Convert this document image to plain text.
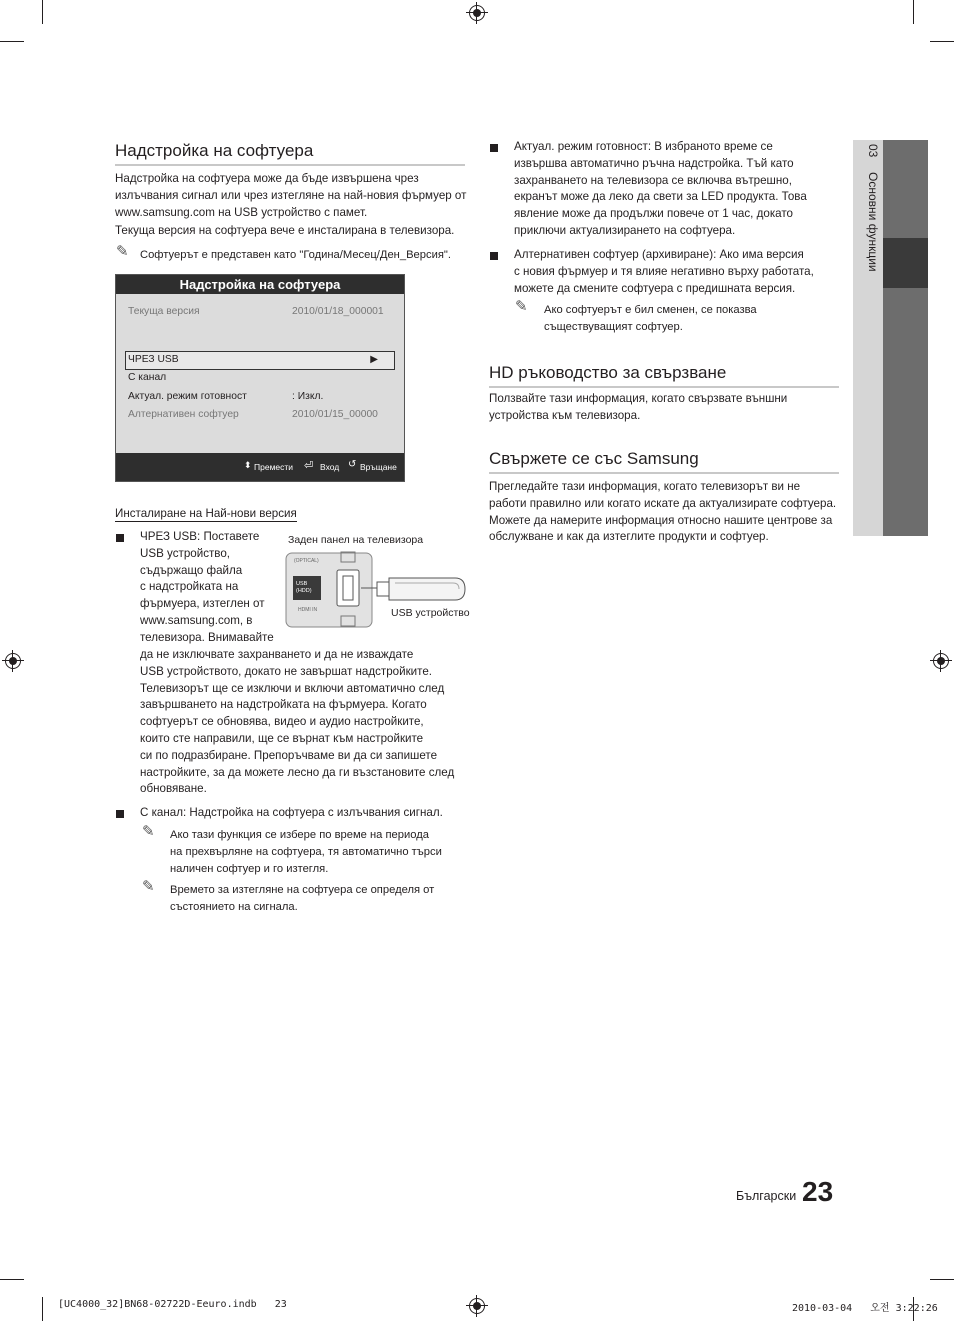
Надстройка на софтуера
Надстройка на софтуера може да бъде извършена чрез излъчвания сигнал или чрез изтегляне на най-новия фърмуер от www.samsung.com на USB устройство с памет.
Текуща версия на софтуера вече е инсталирана в телевизора.
✎ Софтуерът е представен като "Година/Месец/Ден_Версия".
Надстройка на софтуера
Текуща версия	2010/01/18_000001
ЧРЕЗ USB	▶
С канал
Актуал. режим готовност	: Изкл.
Алтернативен софтуер	2010/01/15_00000
⬍ Премести ⏎ Вход ↺ Връщане
Инсталиране на Най-нови версия
ЧРЕЗ USB: Поставете
USB устройство,
съдържащо файла
с надстройката на
фърмуера, изтеглен от
www.samsung.com, в
телевизора. Внимавайте
да не изключвате захранването и да не изваждате
USB устройството, докато не завършат надстройките.
Телевизорът ще се изключи и включи автоматично след
завършването на надстройката на фърмуера. Когато
софтуерът се обновява, видео и аудио настройките,
които сте направили, ще се върнат към настройките
си по подразбиране. Препоръчваме ви да си запишете
настройките, за да можете лесно да ги възстановите след
обновяване.
Заден панел на телевизора
(OPTICAL)
USB
(HDD)
HDMI IN	USB устройство
С канал: Надстройка на софтуера с излъчвания сигнал.
✎ Ако тази функция се избере по време на периода
на прехвърляне на софтуера, тя автоматично търси
наличен софтуер и го изтегля.
✎ Времето за изтегляне на софтуера се определя от
състоянието на сигнала.
Актуал. режим готовност: В избраното време се
извършва автоматично ръчна надстройка. Тъй като
захранването на телевизора се включва вътрешно,
екранът може да леко да свети за LED продукта. Това
явление може да продължи повече от 1 час, докато
приключи актуализирането на софтуера.
Алтернативен софтуер (архивиране): Ако има версия
с новия фърмуер и тя влияе негативно върху работата,
можете да смените софтуера с предишната версия.
✎ Ако софтуерът е бил сменен, се показва
съществуващият софтуер.
HD ръководство за свързване
Ползвайте тази информация, когато свързвате външни
устройства към телевизора.
Свържете се със Samsung
Прегледайте тази информация, когато телевизорът ви не
работи правилно или когато искате да актуализирате софтуера.
Можете да намерите информация относно нашите центрове за
обслужване и как да изтеглите продукти и софтуер.
03  Основни функции
Български 23
[UC4000_32]BN68-02722D-Eeuro.indb   23	2010-03-04   오전 3:22:26
